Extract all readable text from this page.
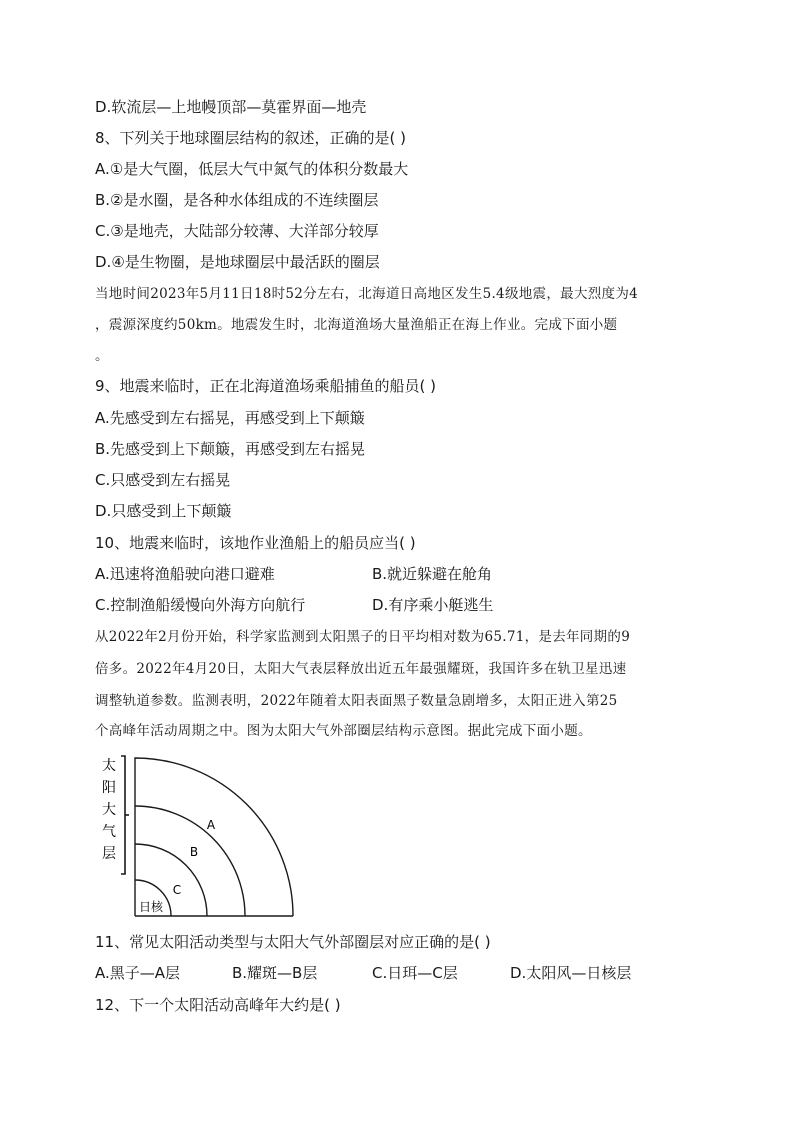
D.软流层—上地幔顶部—莫霍界面—地壳
8、下列关于地球圈层结构的叙述，正确的是( )
A.①是大气圈，低层大气中氮气的体积分数最大
B.②是水圈，是各种水体组成的不连续圈层
C.③是地壳，大陆部分较薄、大洋部分较厚
D.④是生物圈，是地球圈层中最活跃的圈层
当地时间2023年5月11日18时52分左右，北海道日高地区发生5.4级地震，最大烈度为4
，震源深度约50km。地震发生时，北海道渔场大量渔船正在海上作业。完成下面小题
。
9、地震来临时，正在北海道渔场乘船捕鱼的船员( )
A.先感受到左右摇晃，再感受到上下颠簸
B.先感受到上下颠簸，再感受到左右摇晃
C.只感受到左右摇晃
D.只感受到上下颠簸
10、地震来临时，该地作业渔船上的船员应当( )
A.迅速将渔船驶向港口避难	B.就近躲避在舱角
C.控制渔船缓慢向外海方向航行	D.有序乘小艇逃生
从2022年2月份开始，科学家监测到太阳黑子的日平均相对数为65.71，是去年同期的9
倍多。2022年4月20日，太阳大气表层释放出近五年最强耀斑，我国许多在轨卫星迅速
调整轨道参数。监测表明，2022年随着太阳表面黑子数量急剧增多，太阳正进入第25
个高峰年活动周期之中。图为太阳大气外部圈层结构示意图。据此完成下面小题。
太
阳
大
气
层
A
B
C
日核
11、常见太阳活动类型与太阳大气外部圈层对应正确的是( )
A.黑子—A层	B.耀斑—B层	C.日珥—C层	D.太阳风—日核层
12、下一个太阳活动高峰年大约是( )
